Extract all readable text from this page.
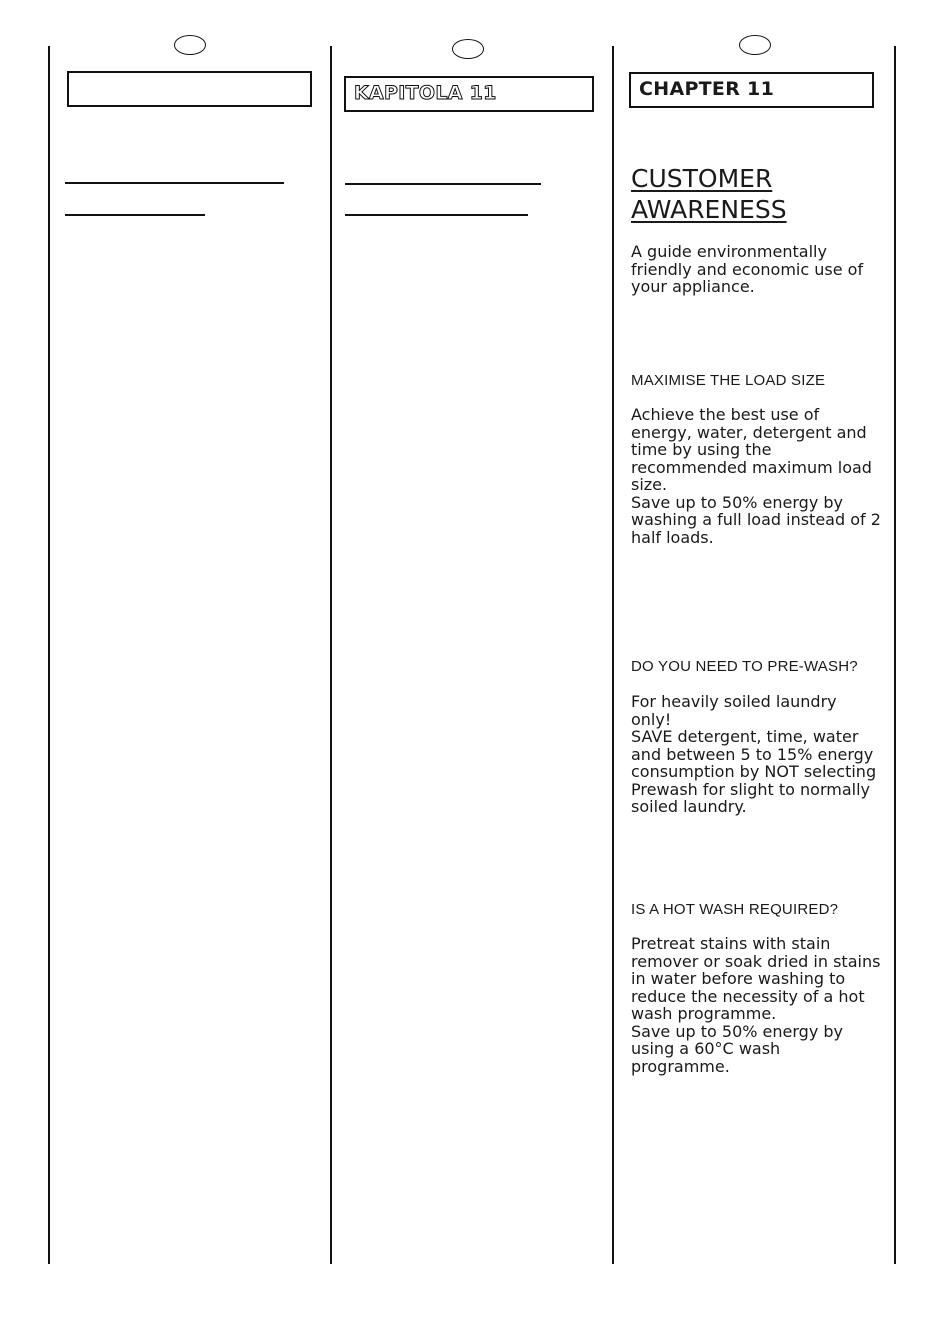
KAPITOLA 11	CHAPTER 11

CUSTOMER

AWARENESS

A guide environmentally friendly and economic use of your appliance.

MAXIMISE THE LOAD SIZE

Achieve the best use of energy, water, detergent and time by using the recommended maximum load size.

Save up to 50% energy by washing a full load instead of 2 half loads.

DO YOU NEED TO PRE-WASH?

For heavily soiled laundry only!

SAVE detergent, time, water and between 5 to 15% energy consumption by NOT selecting Prewash for slight to normally soiled laundry.

IS A HOT WASH REQUIRED?

Pretreat stains with stain remover or soak dried in stains in water before washing to reduce the necessity of a hot wash programme.

Save up to 50% energy by using a 60°C wash programme.
